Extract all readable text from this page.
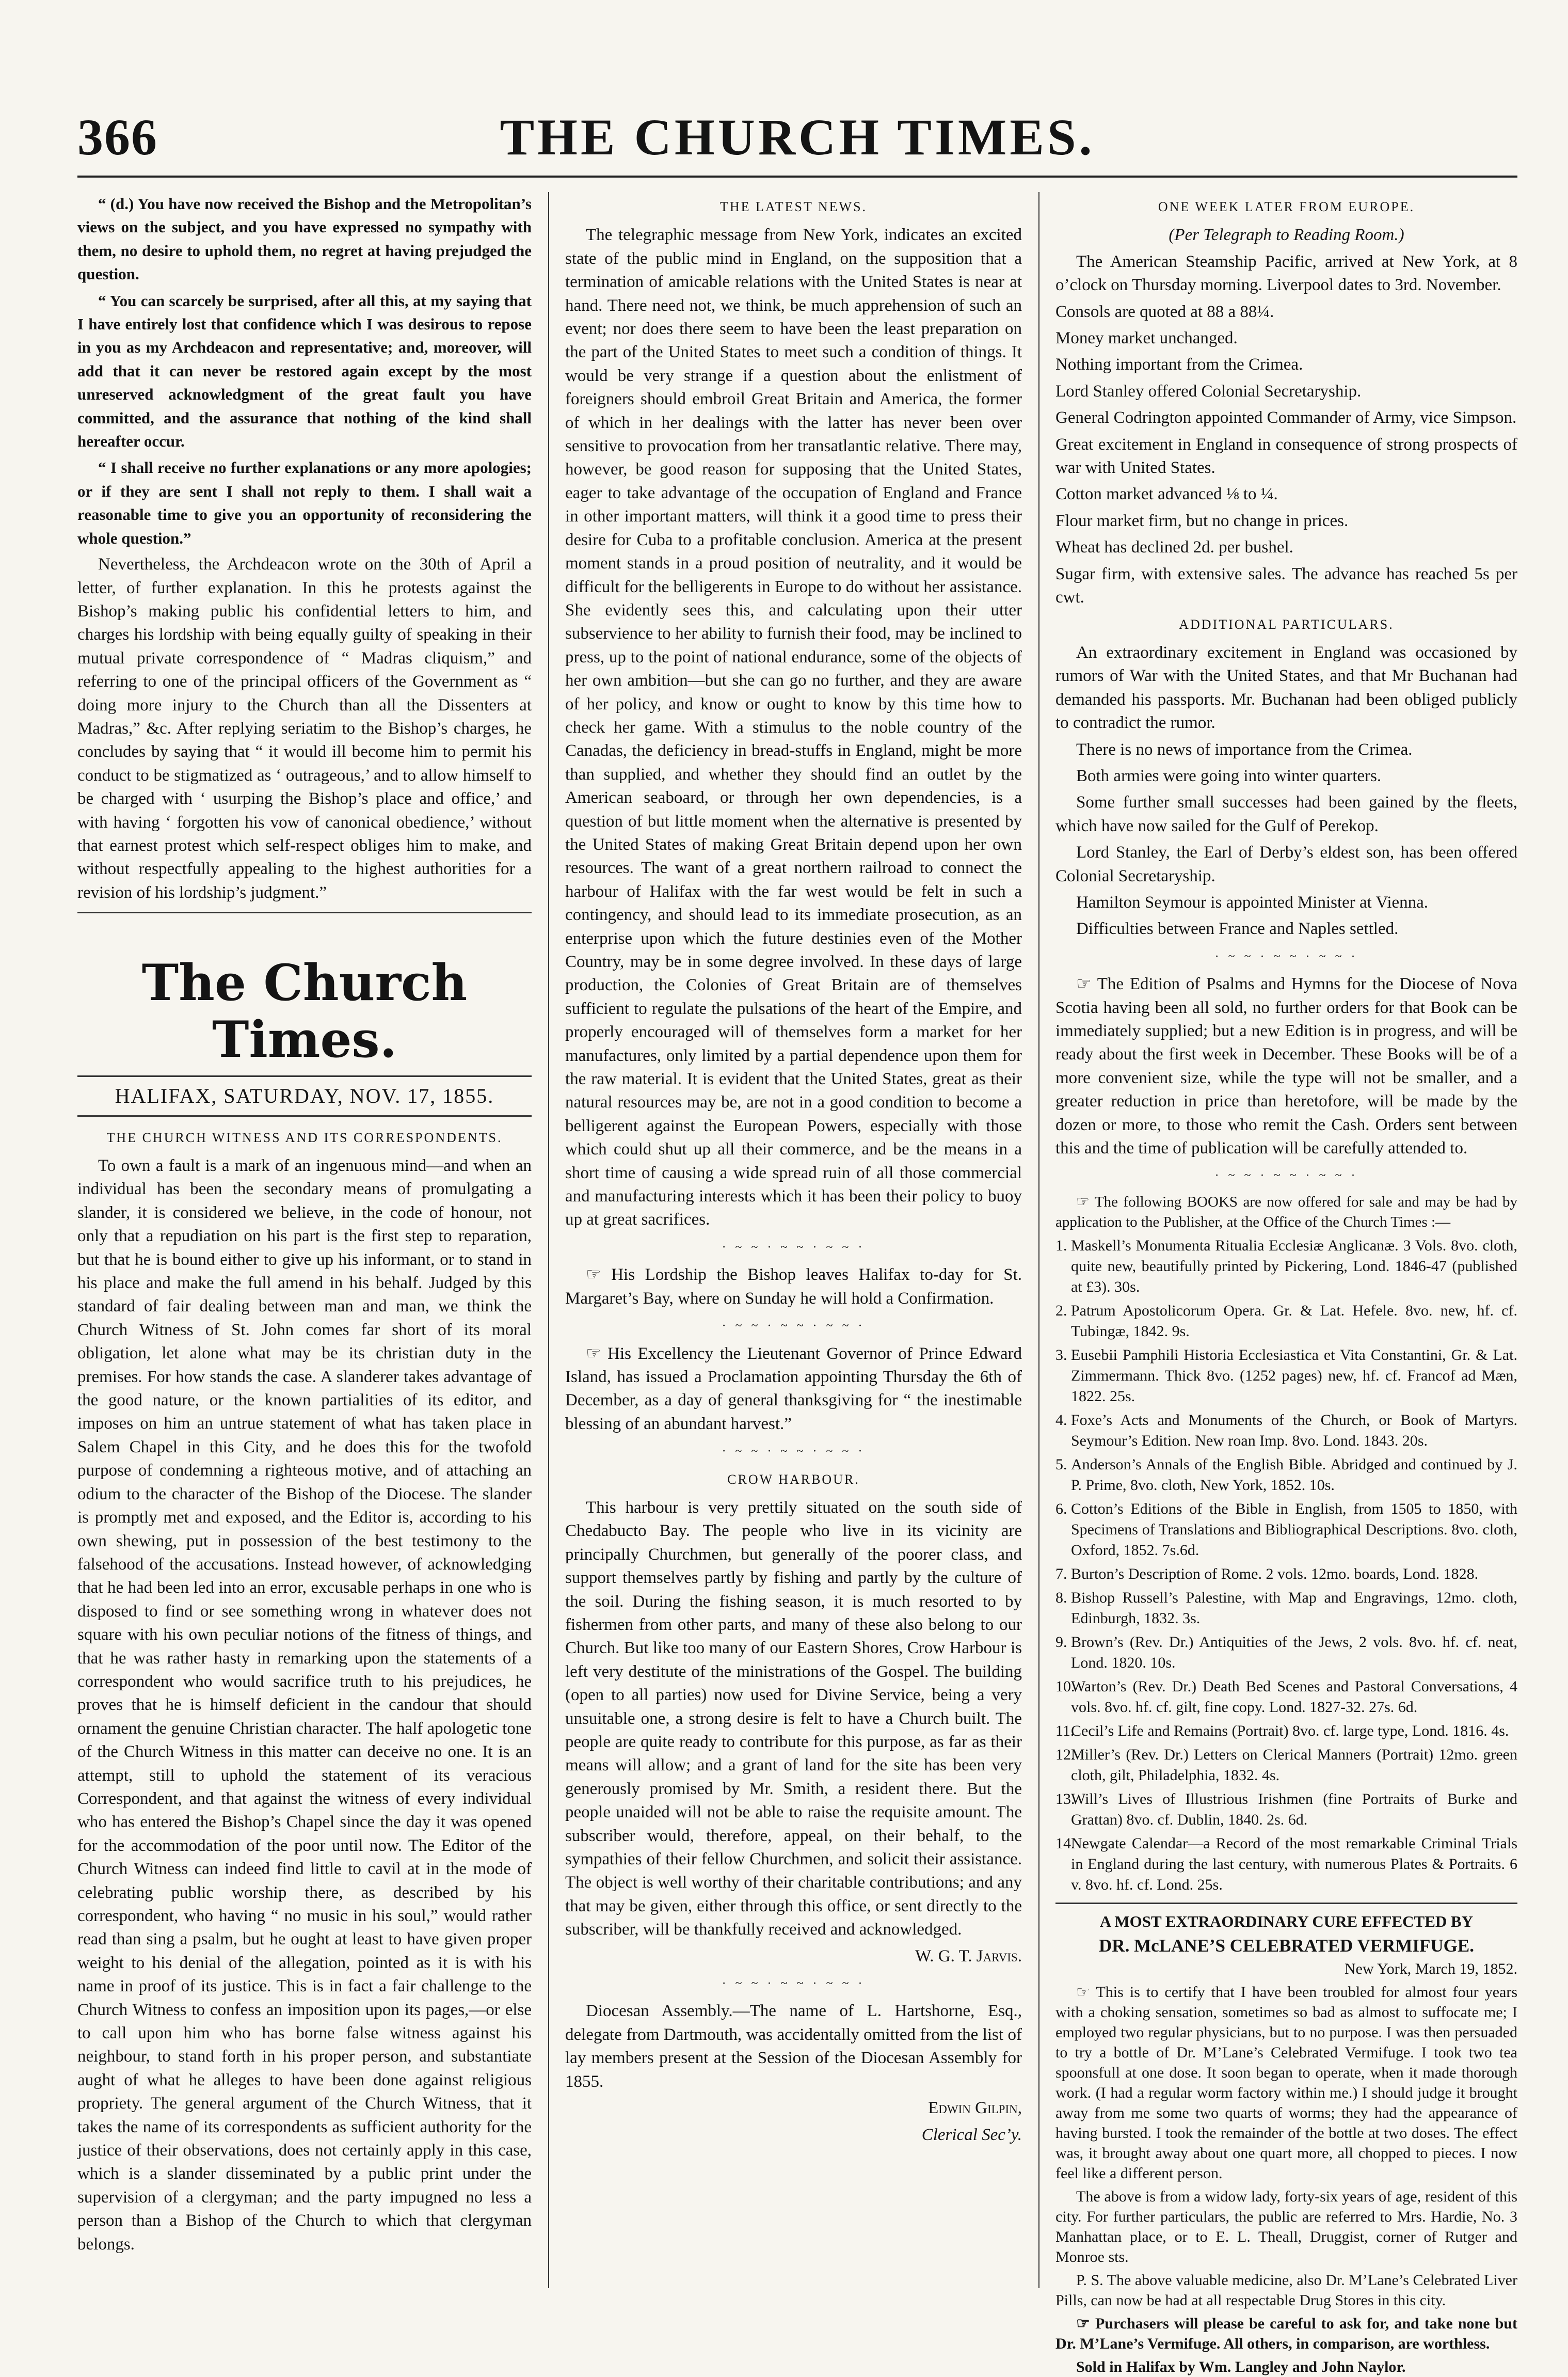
366	THE CHURCH TIMES.

“ (d.) You have now received the Bishop and the Metropolitan’s views on the subject, and you have expressed no sympathy with them, no desire to uphold them, no regret at having prejudged the question.

“ You can scarcely be surprised, after all this, at my saying that I have entirely lost that confidence which I was desirous to repose in you as my Archdeacon and representative; and, moreover, will add that it can never be restored again except by the most unreserved acknowledgment of the great fault you have committed, and the assurance that nothing of the kind shall hereafter occur.

“ I shall receive no further explanations or any more apologies; or if they are sent I shall not reply to them. I shall wait a reasonable time to give you an opportunity of reconsidering the whole question.”

Nevertheless, the Archdeacon wrote on the 30th of April a letter, of further explanation. In this he protests against the Bishop’s making public his confidential letters to him, and charges his lordship with being equally guilty of speaking in their mutual private correspondence of “ Madras cliquism,” and referring to one of the principal officers of the Government as “ doing more injury to the Church than all the Dissenters at Madras,” &c. After replying seriatim to the Bishop’s charges, he concludes by saying that “ it would ill become him to permit his conduct to be stigmatized as ‘ outrageous,’ and to allow himself to be charged with ‘ usurping the Bishop’s place and office,’ and with having ‘ forgotten his vow of canonical obedience,’ without that earnest protest which self-respect obliges him to make, and without respectfully appealing to the highest authorities for a revision of his lordship’s judgment.”

The Church Times.
HALIFAX, SATURDAY, NOV. 17, 1855.
THE CHURCH WITNESS AND ITS CORRESPONDENTS.

To own a fault is a mark of an ingenuous mind—and when an individual has been the secondary means of promulgating a slander, it is considered we believe, in the code of honour, not only that a repudiation on his part is the first step to reparation, but that he is bound either to give up his informant, or to stand in his place and make the full amend in his behalf. Judged by this standard of fair dealing between man and man, we think the Church Witness of St. John comes far short of its moral obligation, let alone what may be its christian duty in the premises. For how stands the case. A slanderer takes advantage of the good nature, or the known partialities of its editor, and imposes on him an untrue statement of what has taken place in Salem Chapel in this City, and he does this for the twofold purpose of condemning a righteous motive, and of attaching an odium to the character of the Bishop of the Diocese. The slander is promptly met and exposed, and the Editor is, according to his own shewing, put in possession of the best testimony to the falsehood of the accusations. Instead however, of acknowledging that he had been led into an error, excusable perhaps in one who is disposed to find or see something wrong in whatever does not square with his own peculiar notions of the fitness of things, and that he was rather hasty in remarking upon the statements of a correspondent who would sacrifice truth to his prejudices, he proves that he is himself deficient in the candour that should ornament the genuine Christian character. The half apologetic tone of the Church Witness in this matter can deceive no one. It is an attempt, still to uphold the statement of its veracious Correspondent, and that against the witness of every individual who has entered the Bishop’s Chapel since the day it was opened for the accommodation of the poor until now. The Editor of the Church Witness can indeed find little to cavil at in the mode of celebrating public worship there, as described by his correspondent, who having “ no music in his soul,” would rather read than sing a psalm, but he ought at least to have given proper weight to his denial of the allegation, pointed as it is with his name in proof of its justice. This is in fact a fair challenge to the Church Witness to confess an imposition upon its pages,—or else to call upon him who has borne false witness against his neighbour, to stand forth in his proper person, and substantiate aught of what he alleges to have been done against religious propriety. The general argument of the Church Witness, that it takes the name of its correspondents as sufficient authority for the justice of their observations, does not certainly apply in this case, which is a slander disseminated by a public print under the supervision of a clergyman; and the party impugned no less a person than a Bishop of the Church to which that clergyman belongs.

THE LATEST NEWS.

The telegraphic message from New York, indicates an excited state of the public mind in England, on the supposition that a termination of amicable relations with the United States is near at hand. There need not, we think, be much apprehension of such an event; nor does there seem to have been the least preparation on the part of the United States to meet such a condition of things. It would be very strange if a question about the enlistment of foreigners should embroil Great Britain and America, the former of which in her dealings with the latter has never been over sensitive to provocation from her transatlantic relative. There may, however, be good reason for supposing that the United States, eager to take advantage of the occupation of England and France in other important matters, will think it a good time to press their desire for Cuba to a profitable conclusion. America at the present moment stands in a proud position of neutrality, and it would be difficult for the belligerents in Europe to do without her assistance. She evidently sees this, and calculating upon their utter subservience to her ability to furnish their food, may be inclined to press, up to the point of national endurance, some of the objects of her own ambition—but she can go no further, and they are aware of her policy, and know or ought to know by this time how to check her game. With a stimulus to the noble country of the Canadas, the deficiency in bread-stuffs in England, might be more than supplied, and whether they should find an outlet by the American seaboard, or through her own dependencies, is a question of but little moment when the alternative is presented by the United States of making Great Britain depend upon her own resources. The want of a great northern railroad to connect the harbour of Halifax with the far west would be felt in such a contingency, and should lead to its immediate prosecution, as an enterprise upon which the future destinies even of the Mother Country, may be in some degree involved. In these days of large production, the Colonies of Great Britain are of themselves sufficient to regulate the pulsations of the heart of the Empire, and properly encouraged will of themselves form a market for her manufactures, only limited by a partial dependence upon them for the raw material. It is evident that the United States, great as their natural resources may be, are not in a good condition to become a belligerent against the European Powers, especially with those which could shut up all their commerce, and be the means in a short time of causing a wide spread ruin of all those commercial and manufacturing interests which it has been their policy to buoy up at great sacrifices.

· ~ ~ · ~ ~ · ~ ~ ·

☞ His Lordship the Bishop leaves Halifax to-day for St. Margaret’s Bay, where on Sunday he will hold a Confirmation.

· ~ ~ · ~ ~ · ~ ~ ·

☞ His Excellency the Lieutenant Governor of Prince Edward Island, has issued a Proclamation appointing Thursday the 6th of December, as a day of general thanksgiving for “ the inestimable blessing of an abundant harvest.”

· ~ ~ · ~ ~ · ~ ~ ·
CROW HARBOUR.

This harbour is very prettily situated on the south side of Chedabucto Bay. The people who live in its vicinity are principally Churchmen, but generally of the poorer class, and support themselves partly by fishing and partly by the culture of the soil. During the fishing season, it is much resorted to by fishermen from other parts, and many of these also belong to our Church. But like too many of our Eastern Shores, Crow Harbour is left very destitute of the ministrations of the Gospel. The building (open to all parties) now used for Divine Service, being a very unsuitable one, a strong desire is felt to have a Church built. The people are quite ready to contribute for this purpose, as far as their means will allow; and a grant of land for the site has been very generously promised by Mr. Smith, a resident there. But the people unaided will not be able to raise the requisite amount. The subscriber would, therefore, appeal, on their behalf, to the sympathies of their fellow Churchmen, and solicit their assistance. The object is well worthy of their charitable contributions; and any that may be given, either through this office, or sent directly to the subscriber, will be thankfully received and acknowledged.

W. G. T. Jarvis.

· ~ ~ · ~ ~ · ~ ~ ·

Diocesan Assembly.—The name of L. Hartshorne, Esq., delegate from Dartmouth, was accidentally omitted from the list of lay members present at the Session of the Diocesan Assembly for 1855.

Edwin Gilpin,

Clerical Sec’y.

ONE WEEK LATER FROM EUROPE.

(Per Telegraph to Reading Room.)

The American Steamship Pacific, arrived at New York, at 8 o’clock on Thursday morning. Liverpool dates to 3rd. November.

Consols are quoted at 88 a 88¼.

Money market unchanged.

Nothing important from the Crimea.

Lord Stanley offered Colonial Secretaryship.

General Codrington appointed Commander of Army, vice Simpson.

Great excitement in England in consequence of strong prospects of war with United States.

Cotton market advanced ⅛ to ¼.

Flour market firm, but no change in prices.

Wheat has declined 2d. per bushel.

Sugar firm, with extensive sales. The advance has reached 5s per cwt.

ADDITIONAL PARTICULARS.

An extraordinary excitement in England was occasioned by rumors of War with the United States, and that Mr Buchanan had demanded his passports. Mr. Buchanan had been obliged publicly to contradict the rumor.

There is no news of importance from the Crimea.

Both armies were going into winter quarters.

Some further small successes had been gained by the fleets, which have now sailed for the Gulf of Perekop.

Lord Stanley, the Earl of Derby’s eldest son, has been offered Colonial Secretaryship.

Hamilton Seymour is appointed Minister at Vienna.

Difficulties between France and Naples settled.

· ~ ~ · ~ ~ · ~ ~ ·

☞ The Edition of Psalms and Hymns for the Diocese of Nova Scotia having been all sold, no further orders for that Book can be immediately supplied; but a new Edition is in progress, and will be ready about the first week in December. These Books will be of a more convenient size, while the type will not be smaller, and a greater reduction in price than heretofore, will be made by the dozen or more, to those who remit the Cash. Orders sent between this and the time of publication will be carefully attended to.

· ~ ~ · ~ ~ · ~ ~ ·

☞ The following BOOKS are now offered for sale and may be had by application to the Publisher, at the Office of the Church Times :—

1. Maskell’s Monumenta Ritualia Ecclesiæ Anglicanæ. 3 Vols. 8vo. cloth, quite new, beautifully printed by Pickering, Lond. 1846-47 (published at £3). 30s.

2. Patrum Apostolicorum Opera. Gr. & Lat. Hefele. 8vo. new, hf. cf. Tubingæ, 1842. 9s.

3. Eusebii Pamphili Historia Ecclesiastica et Vita Constantini, Gr. & Lat. Zimmermann. Thick 8vo. (1252 pages) new, hf. cf. Francof ad Mæn, 1822. 25s.

4. Foxe’s Acts and Monuments of the Church, or Book of Martyrs. Seymour’s Edition. New roan Imp. 8vo. Lond. 1843. 20s.

5. Anderson’s Annals of the English Bible. Abridged and continued by J. P. Prime, 8vo. cloth, New York, 1852. 10s.

6. Cotton’s Editions of the Bible in English, from 1505 to 1850, with Specimens of Translations and Bibliographical Descriptions. 8vo. cloth, Oxford, 1852. 7s.6d.

7. Burton’s Description of Rome. 2 vols. 12mo. boards, Lond. 1828.

8. Bishop Russell’s Palestine, with Map and Engravings, 12mo. cloth, Edinburgh, 1832. 3s.

9. Brown’s (Rev. Dr.) Antiquities of the Jews, 2 vols. 8vo. hf. cf. neat, Lond. 1820. 10s.

10.
Warton’s (Rev. Dr.) Death Bed Scenes and Pastoral Conversations, 4 vols. 8vo. hf. cf. gilt, fine copy. Lond. 1827-32. 27s. 6d.

11.
Cecil’s Life and Remains (Portrait) 8vo. cf. large type, Lond. 1816. 4s.

12.
Miller’s (Rev. Dr.) Letters on Clerical Manners (Portrait) 12mo. green cloth, gilt, Philadelphia, 1832. 4s.

13.
Will’s Lives of Illustrious Irishmen (fine Portraits of Burke and Grattan) 8vo. cf. Dublin, 1840. 2s. 6d.

14.
Newgate Calendar—a Record of the most remarkable Criminal Trials in England during the last century, with numerous Plates & Portraits. 6 v. 8vo. hf. cf. Lond. 25s.

A MOST EXTRAORDINARY CURE EFFECTED BY
DR. McLANE’S CELEBRATED VERMIFUGE.

New York, March 19, 1852.

☞ This is to certify that I have been troubled for almost four years with a choking sensation, sometimes so bad as almost to suffocate me; I employed two regular physicians, but to no purpose. I was then persuaded to try a bottle of Dr. M’Lane’s Celebrated Vermifuge. I took two tea spoonsfull at one dose. It soon began to operate, when it made thorough work. (I had a regular worm factory within me.) I should judge it brought away from me some two quarts of worms; they had the appearance of having bursted. I took the remainder of the bottle at two doses. The effect was, it brought away about one quart more, all chopped to pieces. I now feel like a different person.

The above is from a widow lady, forty-six years of age, resident of this city. For further particulars, the public are referred to Mrs. Hardie, No. 3 Manhattan place, or to E. L. Theall, Druggist, corner of Rutger and Monroe sts.

P. S. The above valuable medicine, also Dr. M’Lane’s Celebrated Liver Pills, can now be had at all respectable Drug Stores in this city.

☞ Purchasers will please be careful to ask for, and take none but Dr. M’Lane’s Vermifuge. All others, in comparison, are worthless.

Sold in Halifax by Wm. Langley and John Naylor.
